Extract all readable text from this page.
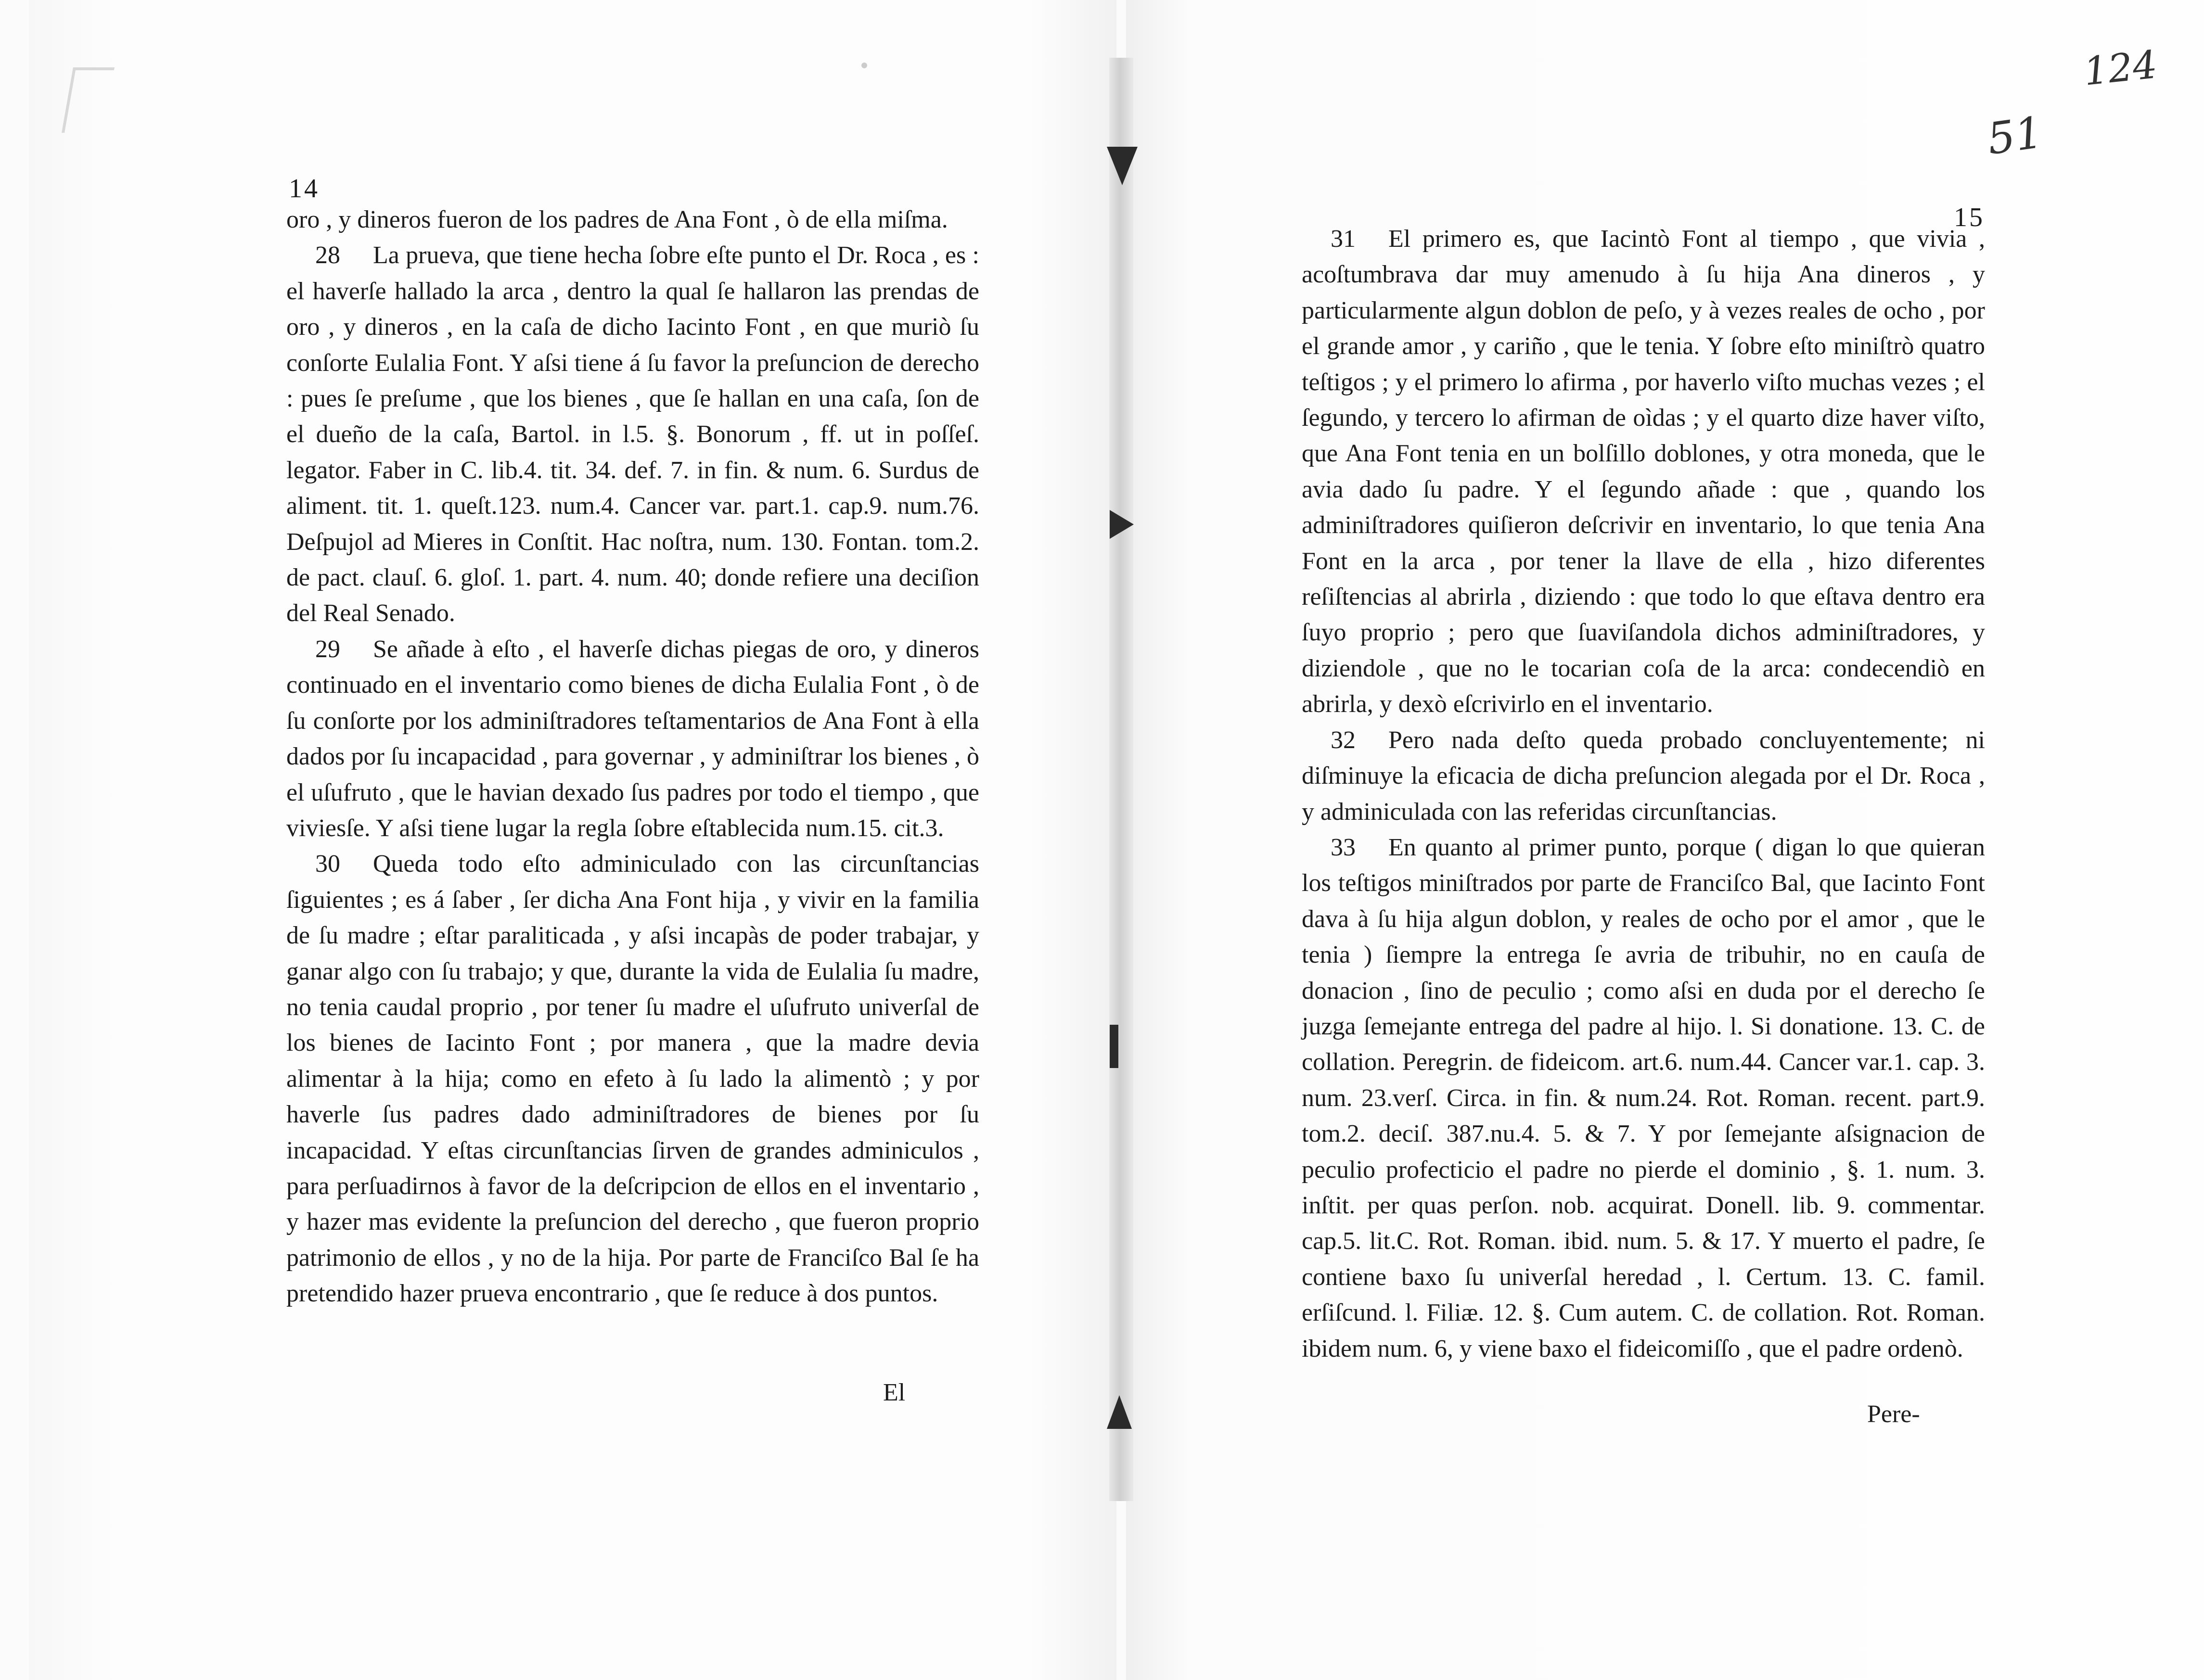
14
15
124
51

oro , y dineros fueron de los padres de Ana Font , ò de ella miſma.

28 La prueva, que tiene hecha ſobre eſte punto el Dr. Roca , es : el haverſe hallado la arca , dentro la qual ſe hallaron las prendas de oro , y dineros , en la caſa de dicho Iacinto Font , en que muriò ſu conſorte Eulalia Font. Y aſsi tiene á ſu favor la preſuncion de derecho : pues ſe preſume , que los bienes , que ſe hallan en una caſa, ſon de el dueño de la caſa, Bartol. in l.5. §. Bonorum , ff. ut in poſſeſ. legator. Faber in C. lib.4. tit. 34. def. 7. in fin. & num. 6. Surdus de aliment. tit. 1. queſt.123. num.4. Cancer var. part.1. cap.9. num.76. Deſpujol ad Mieres in Conſtit. Hac noſtra, num. 130. Fontan. tom.2. de pact. clauſ. 6. gloſ. 1. part. 4. num. 40; donde refiere una deciſion del Real Senado.

29 Se añade à eſto , el haverſe dichas piegas de oro, y dineros continuado en el inventario como bienes de dicha Eulalia Font , ò de ſu conſorte por los adminiſtradores teſtamentarios de Ana Font à ella dados por ſu incapacidad , para governar , y adminiſtrar los bienes , ò el uſufruto , que le havian dexado ſus padres por todo el tiempo , que viviesſe. Y aſsi tiene lugar la regla ſobre eſtablecida num.15. cit.3.

30 Queda todo eſto adminiculado con las circunſtancias ſiguientes ; es á ſaber , ſer dicha Ana Font hija , y vivir en la familia de ſu madre ; eſtar paraliticada , y aſsi incapàs de poder trabajar, y ganar algo con ſu trabajo; y que, durante la vida de Eulalia ſu madre, no tenia caudal proprio , por tener ſu madre el uſufruto univerſal de los bienes de Iacinto Font ; por manera , que la madre devia alimentar à la hija; como en efeto à ſu lado la alimentò ; y por haverle ſus padres dado adminiſtradores de bienes por ſu incapacidad. Y eſtas circunſtancias ſirven de grandes adminiculos , para perſuadirnos à favor de la deſcripcion de ellos en el inventario , y hazer mas evidente la preſuncion del derecho , que fueron proprio patrimonio de ellos , y no de la hija. Por parte de Franciſco Bal ſe ha pretendido hazer prueva encontrario , que ſe reduce à dos puntos.

El

31 El primero es, que Iacintò Font al tiempo , que vivia , acoſtumbrava dar muy amenudo à ſu hija Ana dineros , y particularmente algun doblon de peſo, y à vezes reales de ocho , por el grande amor , y cariño , que le tenia. Y ſobre eſto miniſtrò quatro teſtigos ; y el primero lo afirma , por haverlo viſto muchas vezes ; el ſegundo, y tercero lo afirman de oìdas ; y el quarto dize haver viſto, que Ana Font tenia en un bolſillo doblones, y otra moneda, que le avia dado ſu padre. Y el ſegundo añade : que , quando los adminiſtradores quiſieron deſcrivir en inventario, lo que tenia Ana Font en la arca , por tener la llave de ella , hizo diferentes reſiſtencias al abrirla , diziendo : que todo lo que eſtava dentro era ſuyo proprio ; pero que ſuaviſandola dichos adminiſtradores, y diziendole , que no le tocarian coſa de la arca: condecendiò en abrirla, y dexò eſcrivirlo en el inventario.

32 Pero nada deſto queda probado concluyentemente; ni diſminuye la eficacia de dicha preſuncion alegada por el Dr. Roca , y adminiculada con las referidas circunſtancias.

33 En quanto al primer punto, porque ( digan lo que quieran los teſtigos miniſtrados por parte de Franciſco Bal, que Iacinto Font dava à ſu hija algun doblon, y reales de ocho por el amor , que le tenia ) ſiempre la entrega ſe avria de tribuhir, no en cauſa de donacion , ſino de peculio ; como aſsi en duda por el derecho ſe juzga ſemejante entrega del padre al hijo. l. Si donatione. 13. C. de collation. Peregrin. de fideicom. art.6. num.44. Cancer var.1. cap. 3. num. 23.verſ. Circa. in fin. & num.24. Rot. Roman. recent. part.9. tom.2. deciſ. 387.nu.4. 5. & 7. Y por ſemejante aſsignacion de peculio profecticio el padre no pierde el dominio , §. 1. num. 3. inſtit. per quas perſon. nob. acquirat. Donell. lib. 9. commentar. cap.5. lit.C. Rot. Roman. ibid. num. 5. & 17. Y muerto el padre, ſe contiene baxo ſu univerſal heredad , l. Certum. 13. C. famil. erſiſcund. l. Filiæ. 12. §. Cum autem. C. de collation. Rot. Roman. ibidem num. 6, y viene baxo el fideicomiſſo , que el padre ordenò.

Pere-
